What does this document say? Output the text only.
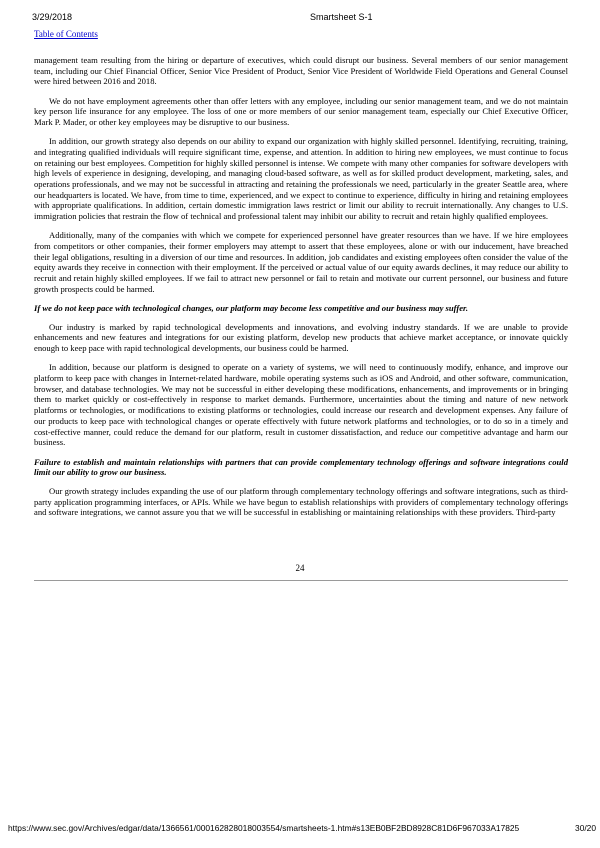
3/29/2018	Smartsheet S-1
Table of Contents

management team resulting from the hiring or departure of executives, which could disrupt our business. Several members of our senior management team, including our Chief Financial Officer, Senior Vice President of Product, Senior Vice President of Worldwide Field Operations and General Counsel were hired between 2016 and 2018.

We do not have employment agreements other than offer letters with any employee, including our senior management team, and we do not maintain key person life insurance for any employee. The loss of one or more members of our senior management team, especially our Chief Executive Officer, Mark P. Mader, or other key employees may be disruptive to our business.

In addition, our growth strategy also depends on our ability to expand our organization with highly skilled personnel. Identifying, recruiting, training, and integrating qualified individuals will require significant time, expense, and attention. In addition to hiring new employees, we must continue to focus on retaining our best employees. Competition for highly skilled personnel is intense. We compete with many other companies for software developers with high levels of experience in designing, developing, and managing cloud-based software, as well as for skilled product development, marketing, sales, and operations professionals, and we may not be successful in attracting and retaining the professionals we need, particularly in the greater Seattle area, where our headquarters is located. We have, from time to time, experienced, and we expect to continue to experience, difficulty in hiring and retaining employees with appropriate qualifications. In addition, certain domestic immigration laws restrict or limit our ability to recruit internationally. Any changes to U.S. immigration policies that restrain the flow of technical and professional talent may inhibit our ability to recruit and retain highly qualified employees.

Additionally, many of the companies with which we compete for experienced personnel have greater resources than we have. If we hire employees from competitors or other companies, their former employers may attempt to assert that these employees, alone or with our inducement, have breached their legal obligations, resulting in a diversion of our time and resources. In addition, job candidates and existing employees often consider the value of the equity awards they receive in connection with their employment. If the perceived or actual value of our equity awards declines, it may reduce our ability to recruit and retain highly skilled employees. If we fail to attract new personnel or fail to retain and motivate our current personnel, our business and future growth prospects could be harmed.

If we do not keep pace with technological changes, our platform may become less competitive and our business may suffer.

Our industry is marked by rapid technological developments and innovations, and evolving industry standards. If we are unable to provide enhancements and new features and integrations for our existing platform, develop new products that achieve market acceptance, or innovate quickly enough to keep pace with rapid technological developments, our business could be harmed.

In addition, because our platform is designed to operate on a variety of systems, we will need to continuously modify, enhance, and improve our platform to keep pace with changes in Internet-related hardware, mobile operating systems such as iOS and Android, and other software, communication, browser, and database technologies. We may not be successful in either developing these modifications, enhancements, and improvements or in bringing them to market quickly or cost-effectively in response to market demands. Furthermore, uncertainties about the timing and nature of new network platforms or technologies, or modifications to existing platforms or technologies, could increase our research and development expenses. Any failure of our products to keep pace with technological changes or operate effectively with future network platforms and technologies, or to do so in a timely and cost-effective manner, could reduce the demand for our platform, result in customer dissatisfaction, and reduce our competitive advantage and harm our business.

Failure to establish and maintain relationships with partners that can provide complementary technology offerings and software integrations could limit our ability to grow our business.

Our growth strategy includes expanding the use of our platform through complementary technology offerings and software integrations, such as third-party application programming interfaces, or APIs. While we have begun to establish relationships with providers of complementary technology offerings and software integrations, we cannot assure you that we will be successful in establishing or maintaining relationships with these providers. Third-party

24
https://www.sec.gov/Archives/edgar/data/1366561/000162828018003554/smartsheets-1.htm#s13EB0BF2BD8928C81D6F967033A17825	30/20
